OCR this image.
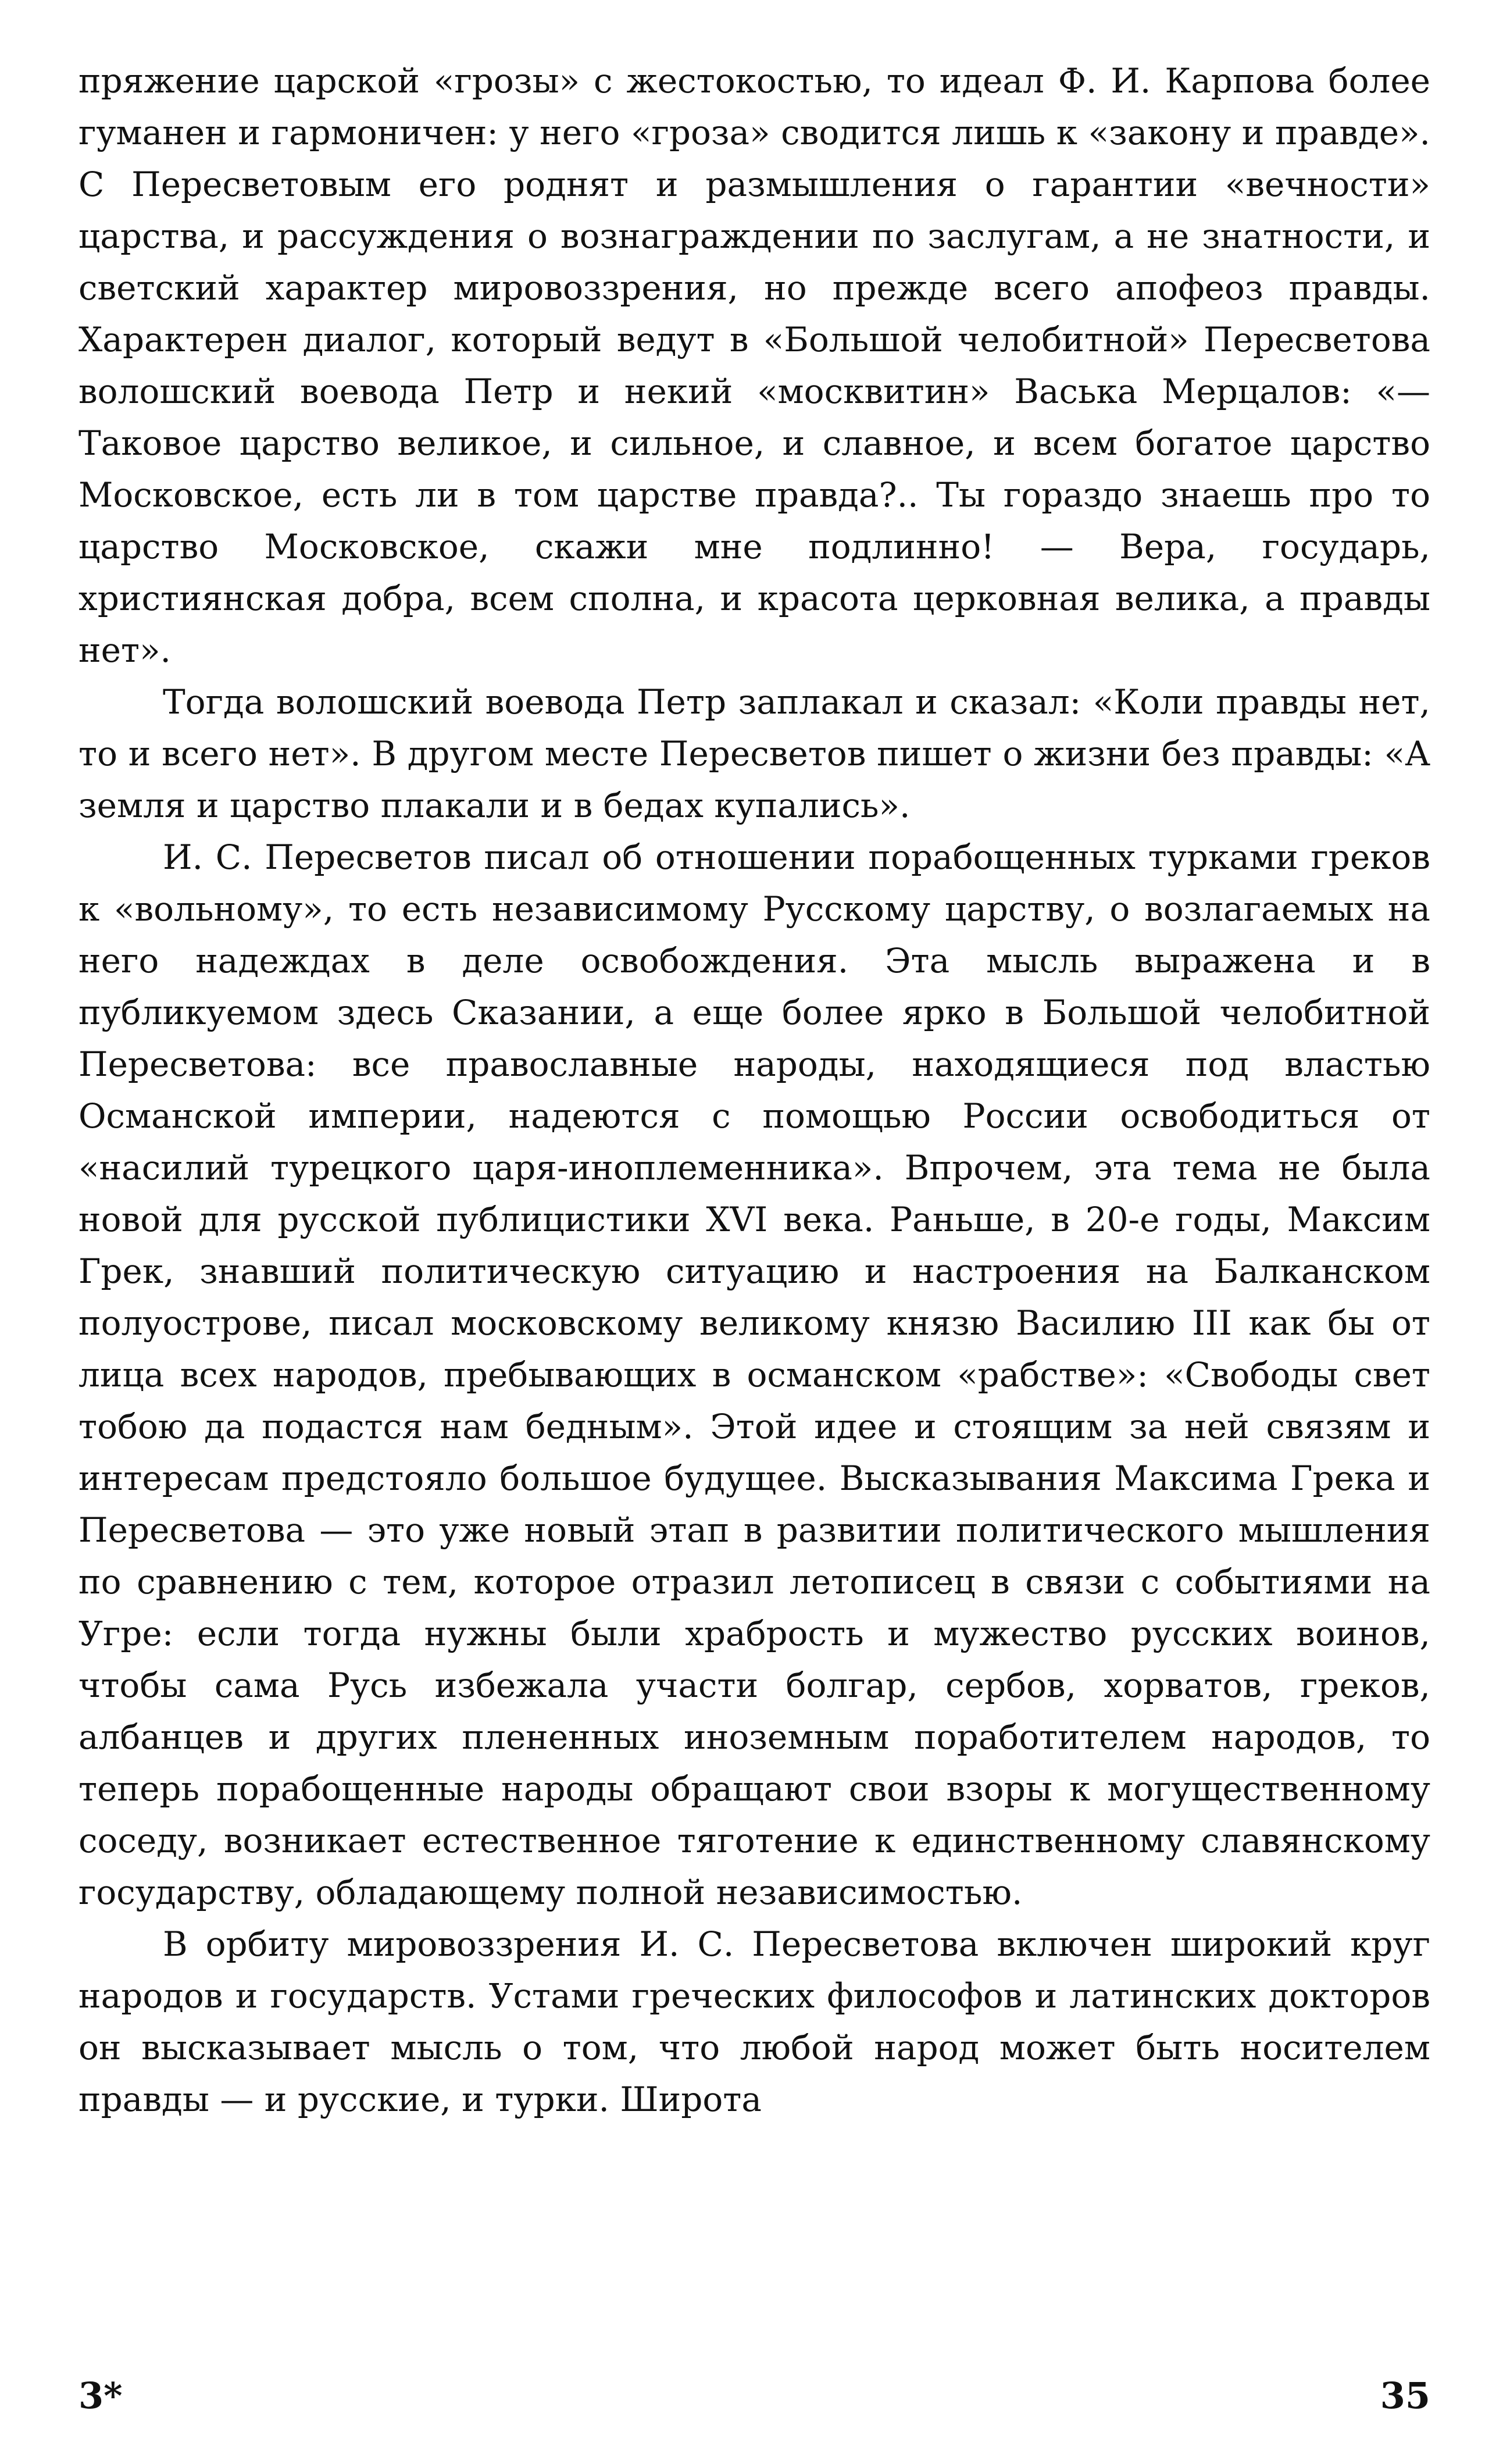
пряжение царской «грозы» с жестокостью, то идеал Ф. И. Карпова более гуманен и гармоничен: у него «гроза» сводится лишь к «закону и правде». С Пересветовым его роднят и размышления о гарантии «вечности» царства, и рассуждения о вознаграждении по заслугам, а не знатности, и светский характер мировоззрения, но прежде всего апофеоз правды. Характерен диалог, который ведут в «Большой челобитной» Пересветова волошский воевода Петр и некий «москвитин» Васька Мерцалов: «— Таковое царство великое, и сильное, и славное, и всем богатое царство Московское, есть ли в том царстве правда?.. Ты гораздо знаешь про то царство Московское, скажи мне подлинно! — Вера, государь, християнская добра, всем сполна, и красота церковная велика, а правды нет».

Тогда волошский воевода Петр заплакал и сказал: «Коли правды нет, то и всего нет». В другом месте Пересветов пишет о жизни без правды: «А земля и царство плакали и в бедах купались».

И. С. Пересветов писал об отношении порабощенных турками греков к «вольному», то есть независимому Русскому царству, о возлагаемых на него надеждах в деле освобождения. Эта мысль выражена и в публикуемом здесь Сказании, а еще более ярко в Большой челобитной Пересветова: все православные народы, находящиеся под властью Османской империи, надеются с помощью России освободиться от «насилий турецкого царя-иноплеменника». Впрочем, эта тема не была новой для русской публицистики XVI века. Раньше, в 20-е годы, Максим Грек, знавший политическую ситуацию и настроения на Балканском полуострове, писал московскому великому князю Василию III как бы от лица всех народов, пребывающих в османском «рабстве»: «Свободы свет тобою да подастся нам бедным». Этой идее и стоящим за ней связям и интересам предстояло большое будущее. Высказывания Максима Грека и Пересветова — это уже новый этап в развитии политического мышления по сравнению с тем, которое отразил летописец в связи с событиями на Угре: если тогда нужны были храбрость и мужество русских воинов, чтобы сама Русь избежала участи болгар, сербов, хорватов, греков, албанцев и других плененных иноземным поработителем народов, то теперь порабощенные народы обращают свои взоры к могущественному соседу, возникает естественное тяготение к единственному славянскому государству, обладающему полной независимостью.

В орбиту мировоззрения И. С. Пересветова включен широкий круг народов и государств. Устами греческих философов и латинских докторов он высказывает мысль о том, что любой народ может быть носителем правды — и русские, и турки. Широта

3*	35
